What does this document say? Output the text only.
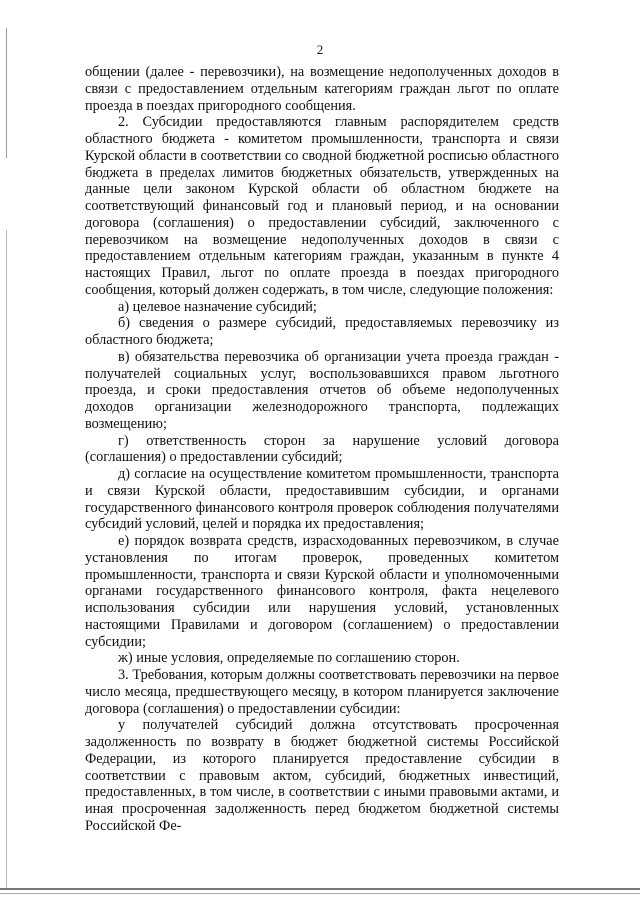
2

общении (далее - перевозчики), на возмещение недополученных доходов в связи с предоставлением отдельным категориям граждан льгот по оплате проезда в поездах пригородного сообщения.

2. Субсидии предоставляются главным распорядителем средств областного бюджета - комитетом промышленности, транспорта и связи Курской области в соответствии со сводной бюджетной росписью областного бюджета в пределах лимитов бюджетных обязательств, утвержденных на данные цели законом Курской области об областном бюджете на соответствующий финансовый год и плановый период, и на основании договора (соглашения) о предоставлении субсидий, заключенного с перевозчиком на возмещение недополученных доходов в связи с предоставлением отдельным категориям граждан, указанным в пункте 4 настоящих Правил, льгот по оплате проезда в поездах пригородного сообщения, который должен содержать, в том числе, следующие положения:

а) целевое назначение субсидий;

б) сведения о размере субсидий, предоставляемых перевозчику из областного бюджета;

в) обязательства перевозчика об организации учета проезда граждан - получателей социальных услуг, воспользовавшихся правом льготного проезда, и сроки предоставления отчетов об объеме недополученных доходов организации железнодорожного транспорта, подлежащих возмещению;

г) ответственность сторон за нарушение условий договора (соглашения) о предоставлении субсидий;

д) согласие на осуществление комитетом промышленности, транспорта и связи Курской области, предоставившим субсидии, и органами государственного финансового контроля проверок соблюдения получателями субсидий условий, целей и порядка их предоставления;

е) порядок возврата средств, израсходованных перевозчиком, в случае установления по итогам проверок, проведенных комитетом промышленности, транспорта и связи Курской области и уполномоченными органами государственного финансового контроля, факта нецелевого использования субсидии или нарушения условий, установленных настоящими Правилами и договором (соглашением) о предоставлении субсидии;

ж) иные условия, определяемые по соглашению сторон.

3. Требования, которым должны соответствовать перевозчики на первое число месяца, предшествующего месяцу, в котором планируется заключение договора (соглашения) о предоставлении субсидии:

у получателей субсидий должна отсутствовать просроченная задолженность по возврату в бюджет бюджетной системы Российской Федерации, из которого планируется предоставление субсидии в соответствии с правовым актом, субсидий, бюджетных инвестиций, предоставленных, в том числе, в соответствии с иными правовыми актами, и иная просроченная задолженность перед бюджетом бюджетной системы Российской Фе-
